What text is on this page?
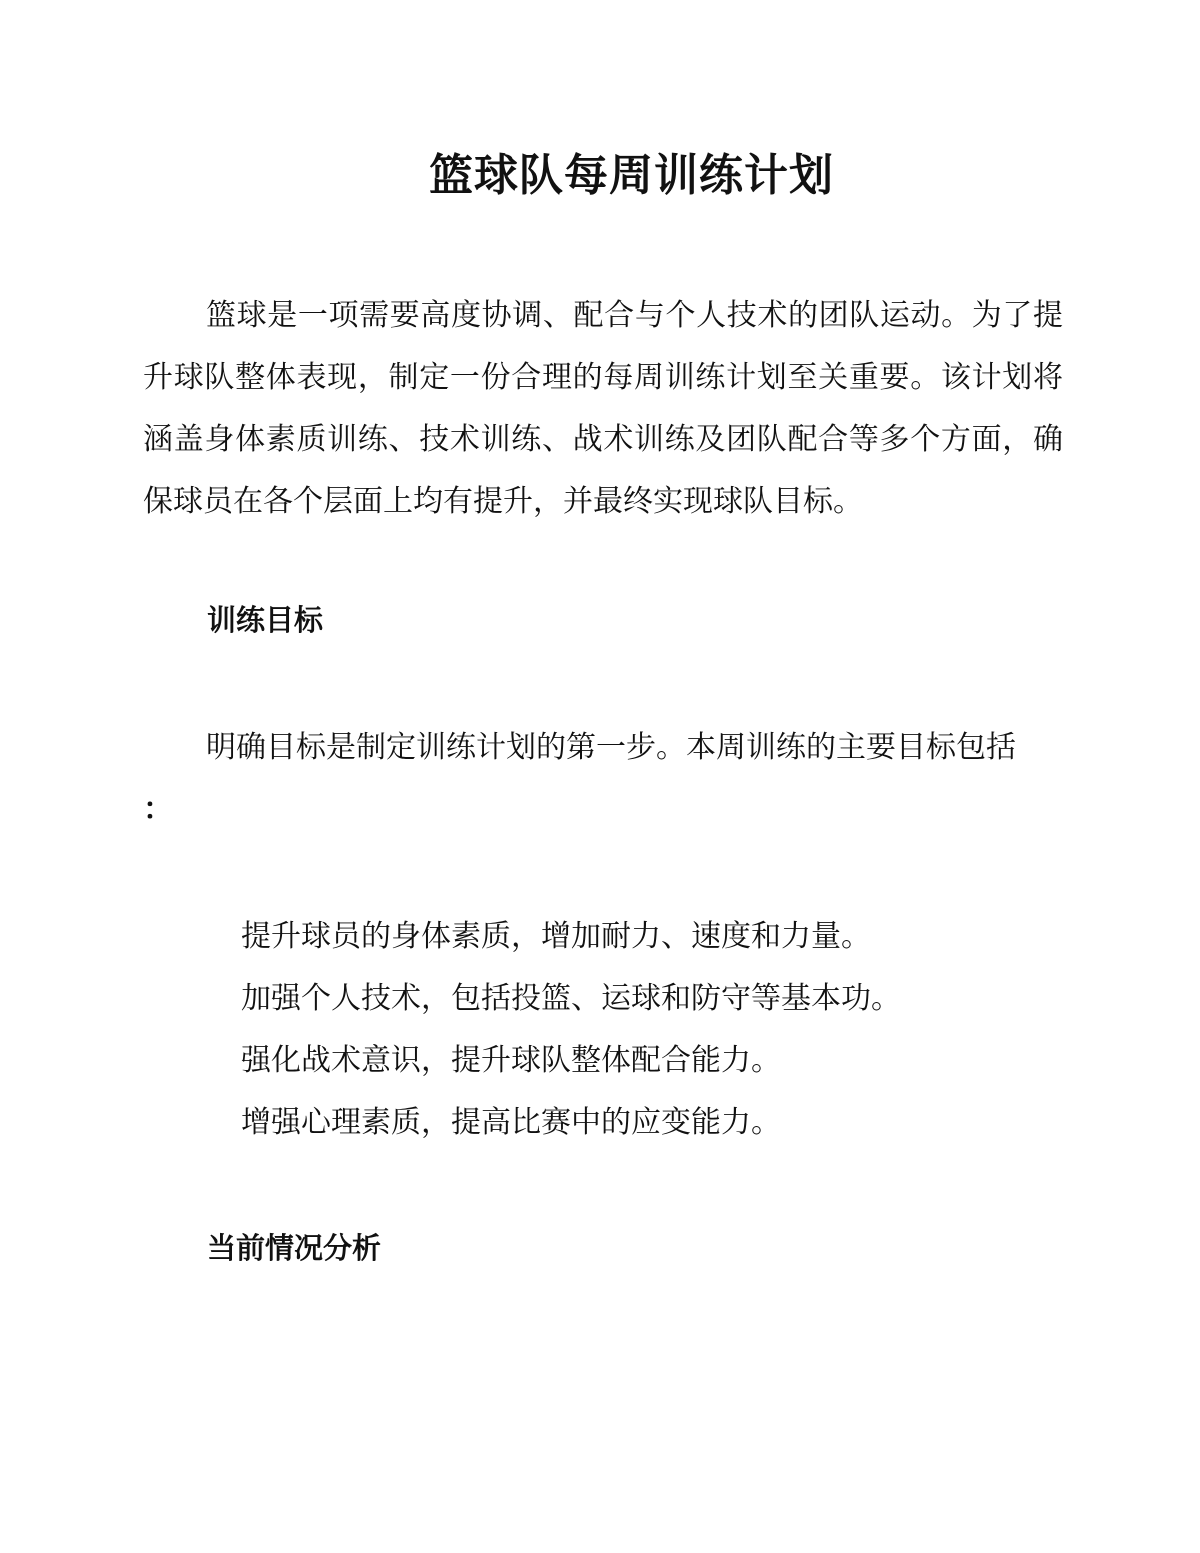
篮球队每周训练计划

篮球是一项需要高度协调、配合与个人技术的团队运动。为了提升球队整体表现，制定一份合理的每周训练计划至关重要。该计划将涵盖身体素质训练、技术训练、战术训练及团队配合等多个方面，确保球员在各个层面上均有提升，并最终实现球队目标。

训练目标

明确目标是制定训练计划的第一步。本周训练的主要目标包括
：

提升球员的身体素质，增加耐力、速度和力量。
加强个人技术，包括投篮、运球和防守等基本功。
强化战术意识，提升球队整体配合能力。
增强心理素质，提高比赛中的应变能力。
当前情况分析
